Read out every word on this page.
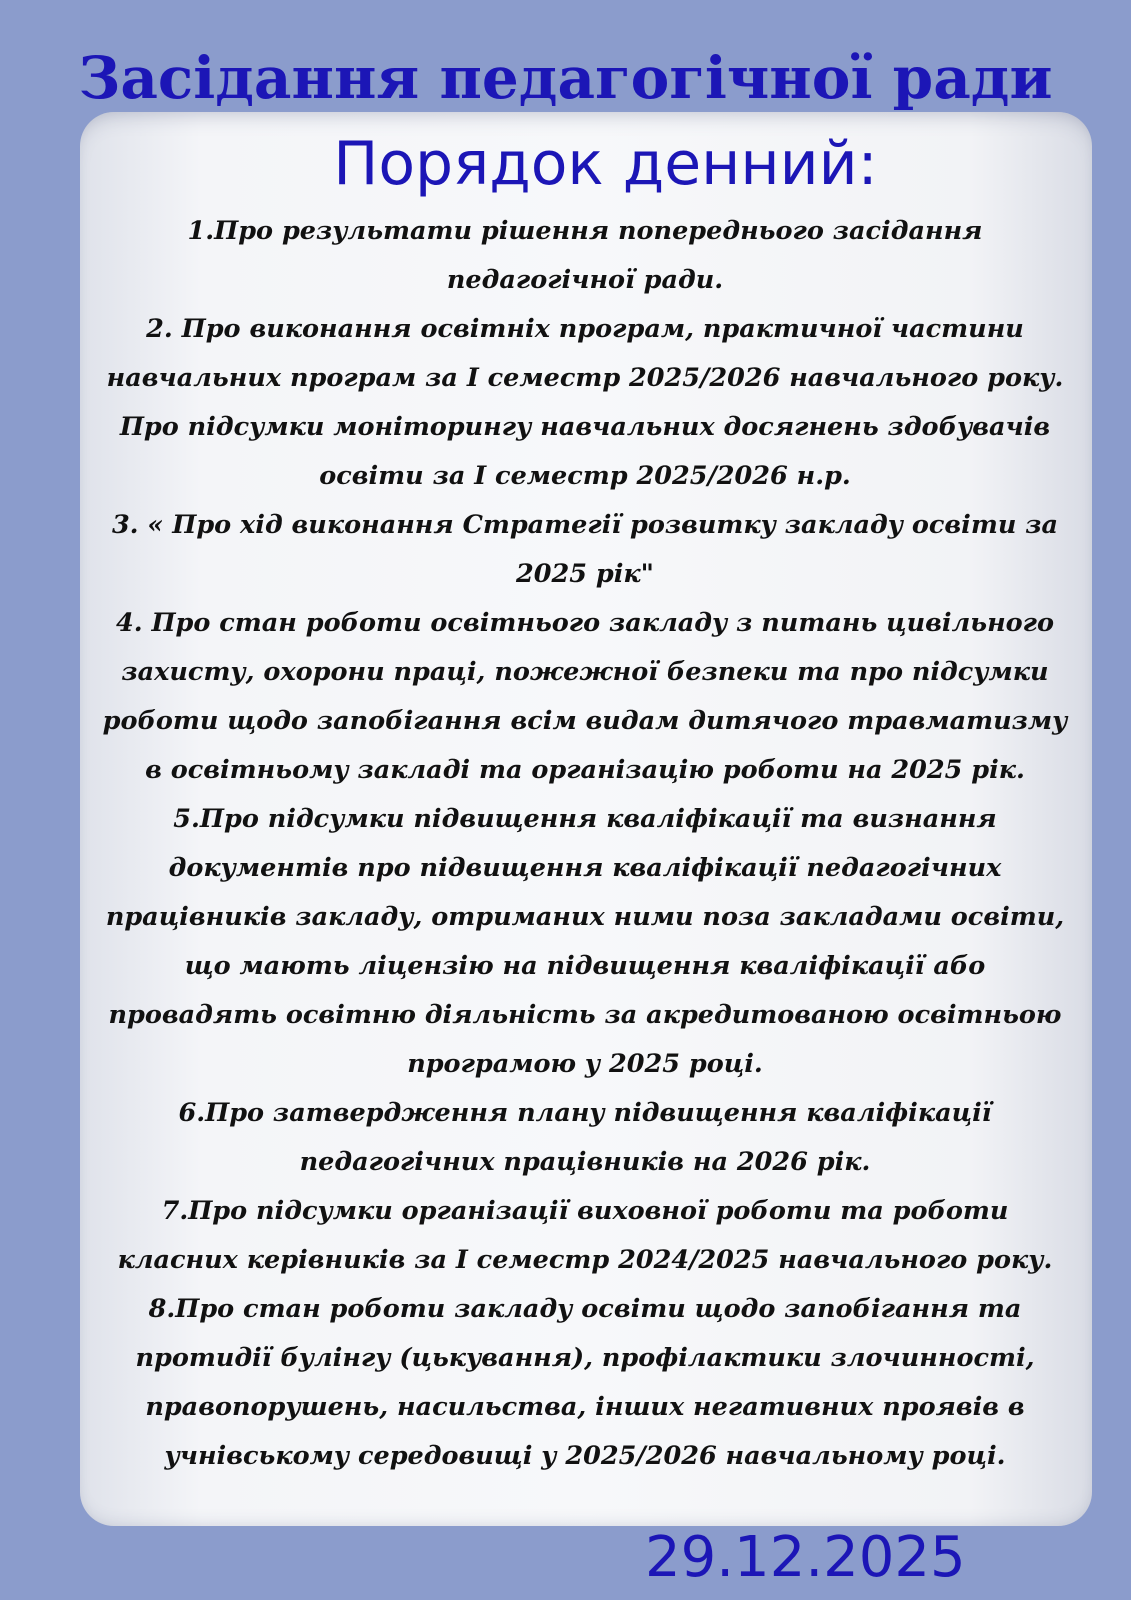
Засідання педагогічної ради
Порядок денний:
1.Про результати рішення попереднього засідання педагогічної ради.
2. Про виконання освітніх програм, практичної частини навчальних програм за І семестр 2025/2026 навчального року. Про підсумки моніторингу навчальних досягнень здобувачів освіти за І семестр 2025/2026 н.р.
3. « Про хід виконання Стратегії розвитку закладу освіти за 2025 рік"
4. Про стан роботи освітнього закладу з питань цивільного захисту, охорони праці, пожежної безпеки та про підсумки роботи щодо запобігання всім видам дитячого травматизму в освітньому закладі та організацію роботи на 2025 рік.
5.Про підсумки підвищення кваліфікації та визнання документів про підвищення кваліфікації педагогічних працівників закладу, отриманих ними поза закладами освіти, що мають ліцензію на підвищення кваліфікації або провадять освітню діяльність за акредитованою освітньою програмою у 2025 році.
6.Про затвердження плану підвищення кваліфікації педагогічних працівників на 2026 рік.
7.Про підсумки організації виховної роботи та роботи класних керівників за І семестр 2024/2025 навчального року.
8.Про стан роботи закладу освіти щодо запобігання та протидії булінгу (цькування), профілактики злочинності, правопорушень, насильства, інших негативних проявів в учнівському середовищі у 2025/2026 навчальному році.
29.12.2025
